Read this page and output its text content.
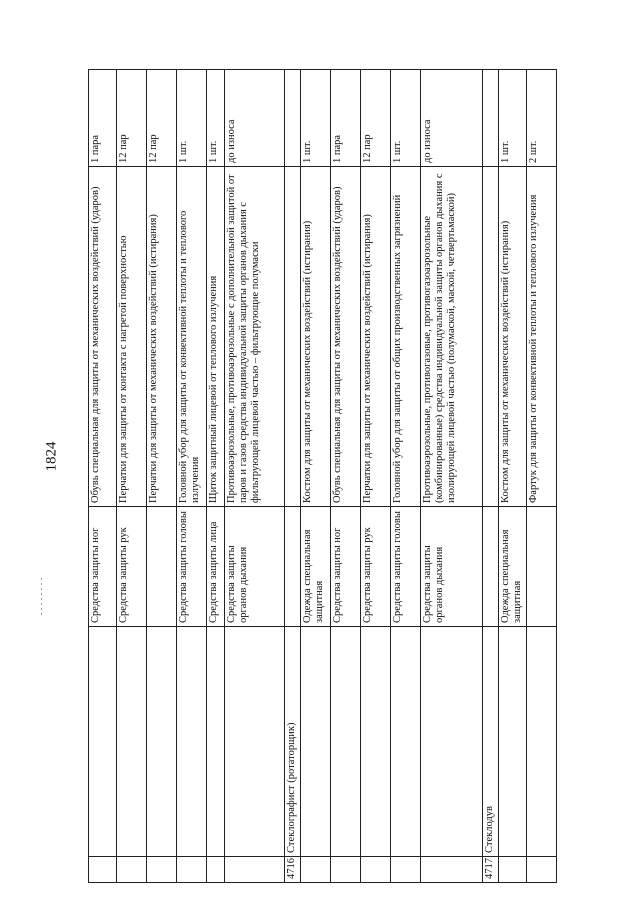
1824
		Средства защиты ног	Обувь специальная для защиты от механических воздействий (ударов)	1 пара
		Средства защиты рук	Перчатки для защиты от контакта с нагретой поверхностью	12 пар
			Перчатки для защиты от механических воздействий (истирания)	12 пар
		Средства защиты головы	Головной убор для защиты от конвективной теплоты и теплового излучения	1 шт.
		Средства защиты лица	Щиток защитный лицевой от теплового излучения	1 шт.
		Средства защиты органов дыхания	Противоаэрозольные, противоаэрозольные с дополнительной защитой от паров и газов средства индивидуальной защиты органов дыхания с фильтрующей лицевой частью – фильтрующие полумаски	до износа
4716	Стеклографист (ротаторщик)			
		Одежда специальная защитная	Костюм для защиты от механических воздействий (истирания)	1 шт.
		Средства защиты ног	Обувь специальная для защиты от механических воздействий (ударов)	1 пара
		Средства защиты рук	Перчатки для защиты от механических воздействий (истирания)	12 пар
		Средства защиты головы	Головной убор для защиты от общих производственных загрязнений	1 шт.
		Средства защиты органов дыхания	Противоаэрозольные, противогазовые, противогазоаэрозольные (комбинированные) средства индивидуальной защиты органов дыхания с изолирующей лицевой частью (полумаской, маской, четвертьмаской)	до износа
4717	Стеклодув			
		Одежда специальная защитная	Костюм для защиты от механических воздействий (истирания)	1 шт.
			Фартук для защиты от конвективной теплоты и теплового излучения	2 шт.
